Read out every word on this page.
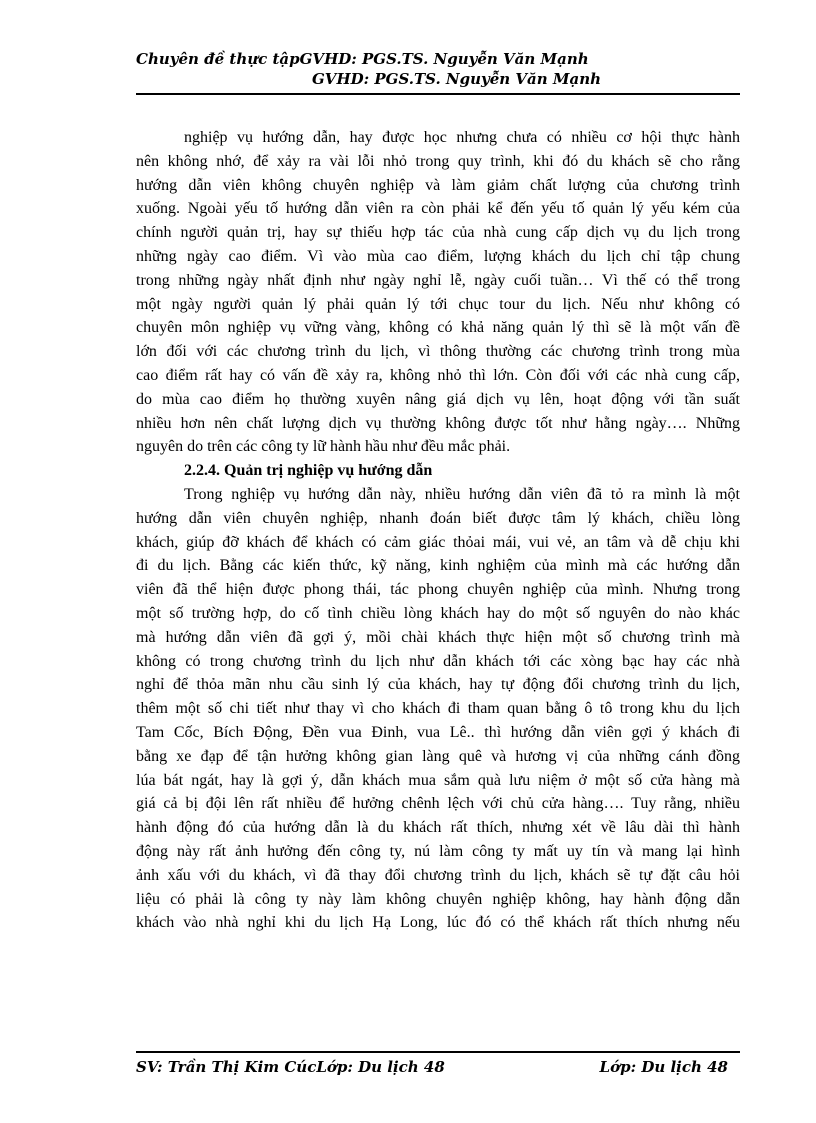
Chuyên đề thực tậpGVHD: PGS.TS. Nguyễn Văn Mạnh
GVHD: PGS.TS. Nguyễn Văn Mạnh
nghiệp vụ hướng dẫn, hay được học nhưng chưa có nhiều cơ hội thực hành
nên không nhớ, để xảy ra vài lỗi nhỏ trong quy trình, khi đó du khách sẽ cho rằng
hướng dẫn viên không chuyên nghiệp và làm giảm chất lượng của chương trình
xuống. Ngoài yếu tố hướng dẫn viên ra còn phải kể đến yếu tố quản lý yếu kém của
chính người quản trị, hay sự thiếu hợp tác của nhà cung cấp dịch vụ du lịch trong
những ngày cao điểm. Vì vào mùa cao điểm, lượng khách du lịch chỉ tập chung
trong những ngày nhất định như ngày nghỉ lễ, ngày cuối tuần… Vì thế có thể trong
một ngày người quản lý phải quản lý tới chục tour du lịch. Nếu như không có
chuyên môn nghiệp vụ vững vàng, không có khả năng quản lý thì sẽ là một vấn đề
lớn đối với các chương trình du lịch, vì thông thường các chương trình trong mùa
cao điểm rất hay có vấn đề xảy ra, không nhỏ thì lớn. Còn đối với các nhà cung cấp,
do mùa cao điểm họ thường xuyên nâng giá dịch vụ lên, hoạt động với tần suất
nhiều hơn nên chất lượng dịch vụ thường không được tốt như hằng ngày…. Những
nguyên do trên các công ty lữ hành hầu như đều mắc phải.
2.2.4. Quản trị nghiệp vụ hướng dẫn
Trong nghiệp vụ hướng dẫn này, nhiều hướng dẫn viên đã tỏ ra mình là một
hướng dẫn viên chuyên nghiệp, nhanh đoán biết được tâm lý khách, chiều lòng
khách, giúp đỡ khách để khách có cảm giác thỏai mái, vui vẻ, an tâm và dễ chịu khi
đi du lịch. Bằng các kiến thức, kỹ năng, kinh nghiệm của mình mà các hướng dẫn
viên đã thể hiện được phong thái, tác phong chuyên nghiệp của mình. Nhưng trong
một số trường hợp, do cố tình chiều lòng khách hay do một số nguyên do nào khác
mà hướng dẫn viên đã gợi ý, mồi chài khách thực hiện một số chương trình mà
không có trong chương trình du lịch như dẫn khách tới các xòng bạc hay các nhà
nghỉ để thỏa mãn nhu cầu sinh lý của khách, hay tự động đổi chương trình du lịch,
thêm một số chi tiết như thay vì cho khách đi tham quan bằng ô tô trong khu du lịch
Tam Cốc, Bích Động, Đền vua Đinh, vua Lê.. thì hướng dẫn viên gợi ý khách đi
bằng xe đạp để tận hưởng không gian làng quê và hương vị của những cánh đồng
lúa bát ngát, hay là gợi ý, dẫn khách mua sắm quà lưu niệm ở một số cửa hàng mà
giá cả bị đội lên rất nhiều để hưởng chênh lệch với chủ cửa hàng…. Tuy rằng, nhiều
hành động đó của hướng dẫn là du khách rất thích, nhưng xét về lâu dài thì hành
động này rất ảnh hưởng đến công ty, nú làm công ty mất uy tín và mang lại hình
ảnh xấu với du khách, vì đã thay đổi chương trình du lịch, khách sẽ tự đặt câu hỏi
liệu có phải là công ty này làm không chuyên nghiệp không, hay hành động dẫn
khách vào nhà nghỉ khi du lịch Hạ Long, lúc đó có thể khách rất thích nhưng nếu
SV: Trần Thị Kim CúcLớp: Du lịch 48	Lớp: Du lịch 48
